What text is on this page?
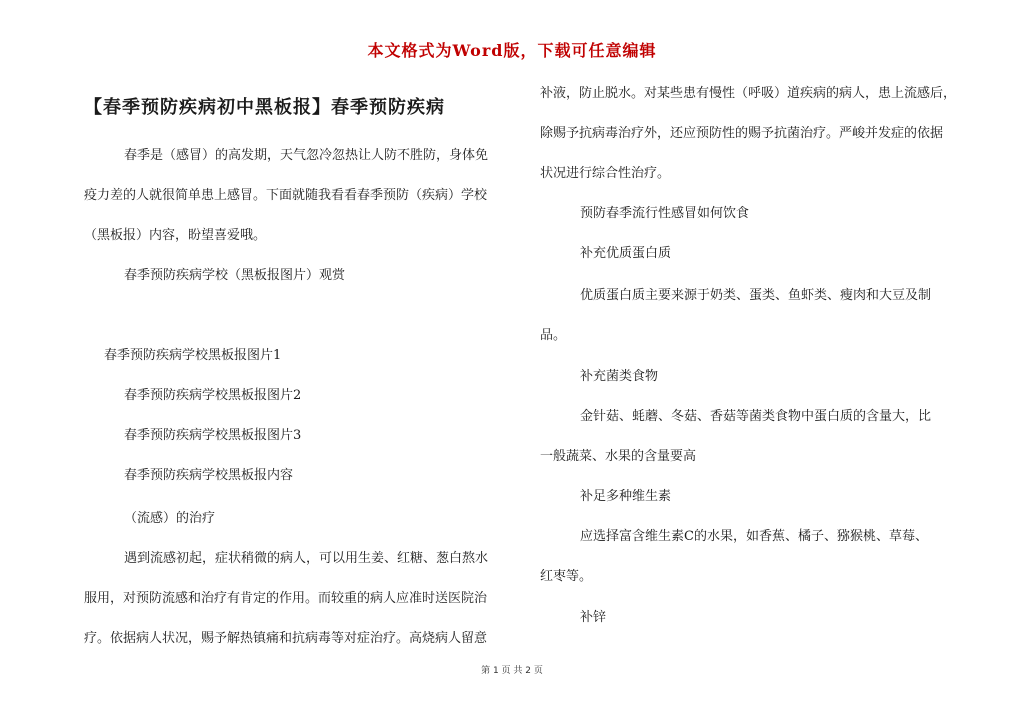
本文格式为Word版，下载可任意编辑
【春季预防疾病初中黑板报】春季预防疾病
春季是（感冒）的高发期，天气忽冷忽热让人防不胜防，身体免
疫力差的人就很简单患上感冒。下面就随我看看春季预防（疾病）学校
（黑板报）内容，盼望喜爱哦。
春季预防疾病学校（黑板报图片）观赏
春季预防疾病学校黑板报图片1
春季预防疾病学校黑板报图片2
春季预防疾病学校黑板报图片3
春季预防疾病学校黑板报内容
（流感）的治疗
遇到流感初起，症状稍微的病人，可以用生姜、红糖、葱白熬水
服用，对预防流感和治疗有肯定的作用。而较重的病人应准时送医院治
疗。依据病人状况，赐予解热镇痛和抗病毒等对症治疗。高烧病人留意
补液，防止脱水。对某些患有慢性（呼吸）道疾病的病人，患上流感后，
除赐予抗病毒治疗外，还应预防性的赐予抗菌治疗。严峻并发症的依据
状况进行综合性治疗。
预防春季流行性感冒如何饮食
补充优质蛋白质
优质蛋白质主要来源于奶类、蛋类、鱼虾类、瘦肉和大豆及制
品。
补充菌类食物
金针菇、蚝蘑、冬菇、香菇等菌类食物中蛋白质的含量大，比
一般蔬菜、水果的含量要高
补足多种维生素
应选择富含维生素C的水果，如香蕉、橘子、猕猴桃、草莓、
红枣等。
补锌
第 1 页 共 2 页
